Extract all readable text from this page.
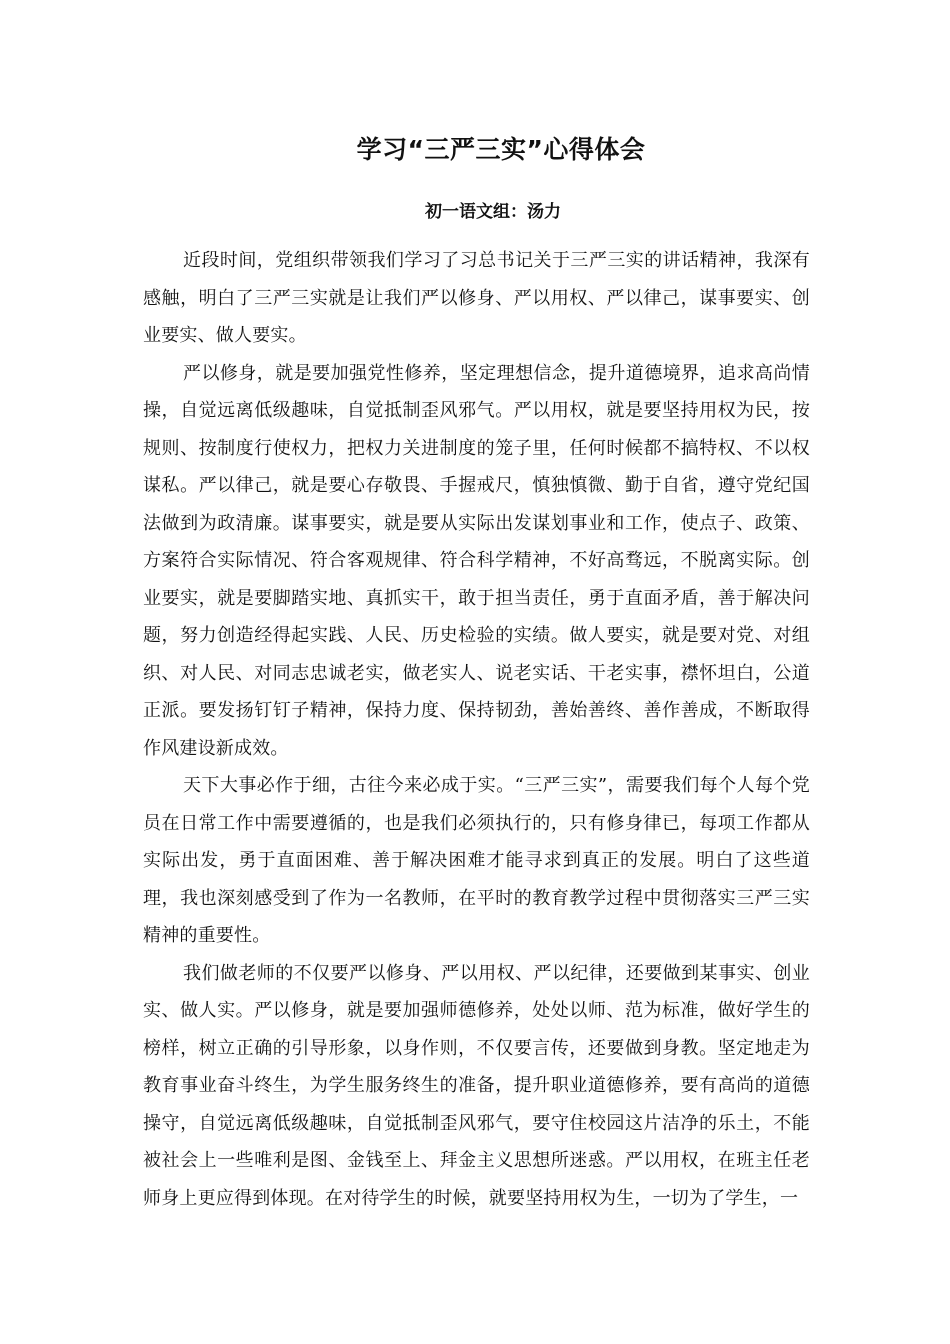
学习“三严三实”心得体会
初一语文组：汤力

近段时间，党组织带领我们学习了习总书记关于三严三实的讲话精神，我深有感触，明白了三严三实就是让我们严以修身、严以用权、严以律己，谋事要实、创业要实、做人要实。

严以修身，就是要加强党性修养，坚定理想信念，提升道德境界，追求高尚情操，自觉远离低级趣味，自觉抵制歪风邪气。严以用权，就是要坚持用权为民，按规则、按制度行使权力，把权力关进制度的笼子里，任何时候都不搞特权、不以权谋私。严以律己，就是要心存敬畏、手握戒尺，慎独慎微、勤于自省，遵守党纪国法做到为政清廉。谋事要实，就是要从实际出发谋划事业和工作，使点子、政策、方案符合实际情况、符合客观规律、符合科学精神，不好高骛远，不脱离实际。创业要实，就是要脚踏实地、真抓实干，敢于担当责任，勇于直面矛盾，善于解决问题，努力创造经得起实践、人民、历史检验的实绩。做人要实，就是要对党、对组织、对人民、对同志忠诚老实，做老实人、说老实话、干老实事，襟怀坦白，公道正派。要发扬钉钉子精神，保持力度、保持韧劲，善始善终、善作善成，不断取得作风建设新成效。

天下大事必作于细，古往今来必成于实。“三严三实”，需要我们每个人每个党员在日常工作中需要遵循的，也是我们必须执行的，只有修身律已，每项工作都从实际出发，勇于直面困难、善于解决困难才能寻求到真正的发展。明白了这些道理，我也深刻感受到了作为一名教师，在平时的教育教学过程中贯彻落实三严三实精神的重要性。

我们做老师的不仅要严以修身、严以用权、严以纪律，还要做到某事实、创业实、做人实。严以修身，就是要加强师德修养，处处以师、范为标准，做好学生的榜样，树立正确的引导形象，以身作则，不仅要言传，还要做到身教。坚定地走为教育事业奋斗终生，为学生服务终生的准备，提升职业道德修养，要有高尚的道德操守，自觉远离低级趣味，自觉抵制歪风邪气，要守住校园这片洁净的乐土，不能被社会上一些唯利是图、金钱至上、拜金主义思想所迷惑。严以用权，在班主任老师身上更应得到体现。在对待学生的时候，就要坚持用权为生，一切为了学生，一
